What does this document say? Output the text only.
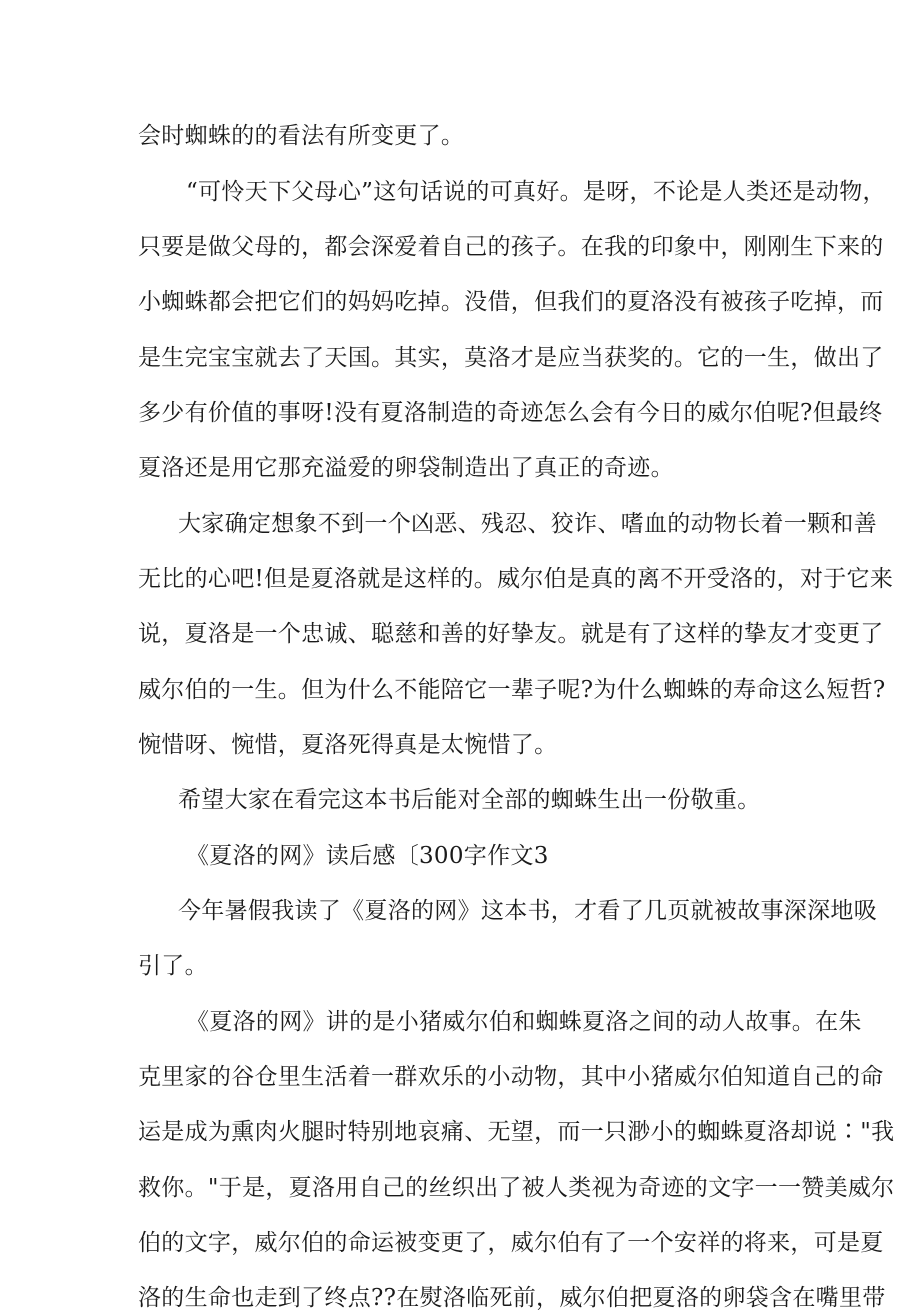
会时蜘蛛的的看法有所变更了。
“可怜天下父母心”这句话说的可真好。是呀，不论是人类还是动物，
只要是做父母的，都会深爱着自己的孩子。在我的印象中，刚刚生下来的
小蜘蛛都会把它们的妈妈吃掉。没借，但我们的夏洛没有被孩子吃掉，而
是生完宝宝就去了天国。其实，莫洛才是应当获奖的。它的一生，做出了
多少有价值的事呀!没有夏洛制造的奇迹怎么会有今日的威尔伯呢?但最终
夏洛还是用它那充溢爱的卵袋制造出了真正的奇迹。
大家确定想象不到一个凶恶、残忍、狡诈、嗜血的动物长着一颗和善
无比的心吧!但是夏洛就是这样的。威尔伯是真的离不开受洛的，对于它来
说，夏洛是一个忠诚、聪慈和善的好挚友。就是有了这样的挚友才变更了
威尔伯的一生。但为什么不能陪它一辈子呢?为什么蜘蛛的寿命这么短哲?
惋惜呀、惋惜，夏洛死得真是太惋惜了。
希望大家在看完这本书后能对全部的蜘蛛生出一份敬重。
《夏洛的网》读后感〔300字作文3
今年暑假我读了《夏洛的网》这本书，才看了几页就被故事深深地吸
引了。
《夏洛的网》讲的是小猪威尔伯和蜘蛛夏洛之间的动人故事。在朱
克里家的谷仓里生活着一群欢乐的小动物，其中小猪威尔伯知道自己的命
运是成为熏肉火腿时特别地哀痛、无望，而一只渺小的蜘蛛夏洛却说∶"我
救你。"于是，夏洛用自己的丝织出了被人类视为奇迹的文字一一赞美威尔
伯的文字，威尔伯的命运被变更了，威尔伯有了一个安祥的将来，可是夏
洛的生命也走到了终点??在熨洛临死前，威尔伯把夏洛的卵袋含在嘴里带
